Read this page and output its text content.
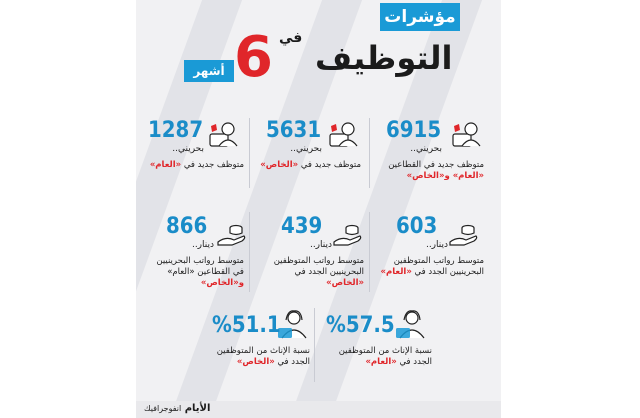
مؤشرات
التوظيف
في
6
أشهر
6915
بحريني..
متوظف جديد في القطاعين
«العام» و«الخاص»
5631
بحريني..
متوظف جديد في «الخاص»
1287
بحريني..
متوظف جديد في «العام»
603
دينار..
متوسط رواتب المتوظفين
البحرينيين الجدد في «العام»
439
دينار..
متوسط رواتب المتوظفين
البحرينيين الجدد في
«الخاص»
866
دينار..
متوسط رواتب البحرينيين
في القطاعين «العام»
و«الخاص»
%57.5
نسبة الإناث من المتوظفين
الجدد في «العام»
%51.1
نسبة الإناث من المتوظفين
الجدد في «الخاص»
الأيام انفوجرافيك
